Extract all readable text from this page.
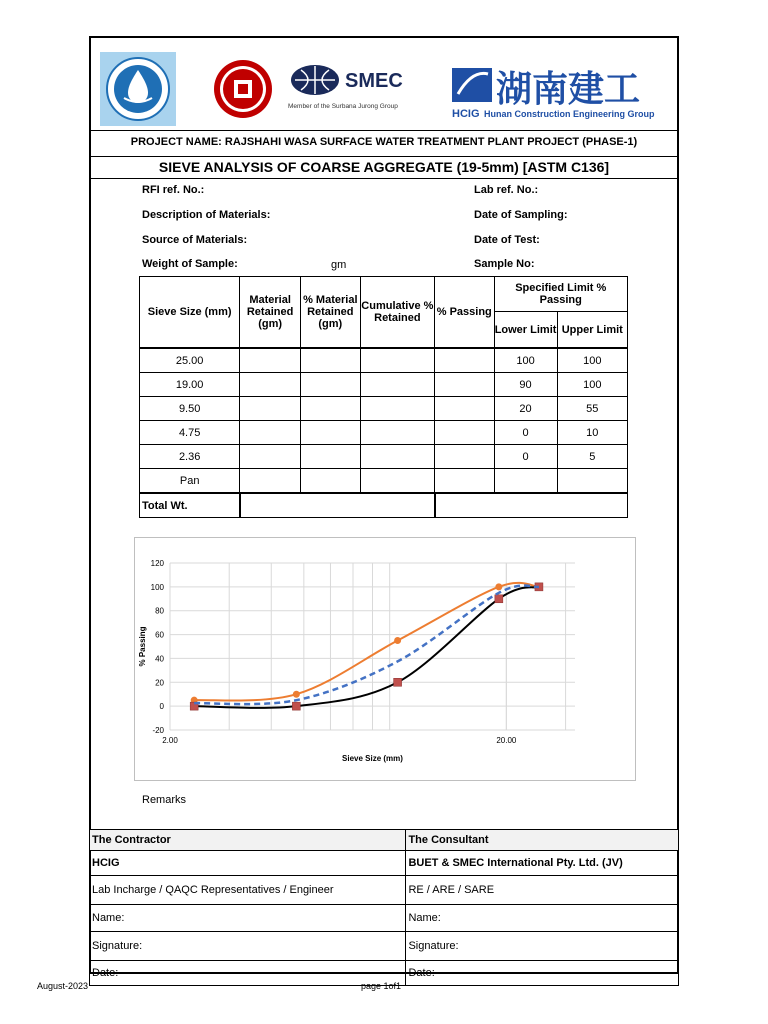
SMEC
Member of the Surbana Jurong Group	湖南建工
HCIG Hunan Construction Engineering Group
PROJECT NAME: RAJSHAHI WASA SURFACE WATER TREATMENT PLANT PROJECT (PHASE-1)
SIEVE ANALYSIS OF COARSE AGGREGATE (19-5mm) [ASTM C136]
RFI ref. No.:	Lab ref. No.:
Description of Materials:	Date of Sampling:
Source of Materials:	Date of Test:
Weight of Sample:	gm	Sample No:
Sieve Size (mm)	Material Retained (gm)	% Material Retained (gm)	Cumulative % Retained	% Passing	Specified Limit % Passing	
					Lower Limit	Upper Limit
25.00					100	100
19.00					90	100
9.50					20	55
4.75					0	10
2.36					0	5
Pan						
Total Wt.						
-20
0
20
40
60
80
100
120
2.00	20.00
Sieve Size (mm)
% Passing
Remarks
The Contractor	The Consultant
HCIG	BUET & SMEC International Pty. Ltd. (JV)
Lab Incharge / QAQC Representatives / Engineer	RE / ARE / SARE
Name:	Name:
Signature:	Signature:
Date:	Date:
August-2023	page 1of1
